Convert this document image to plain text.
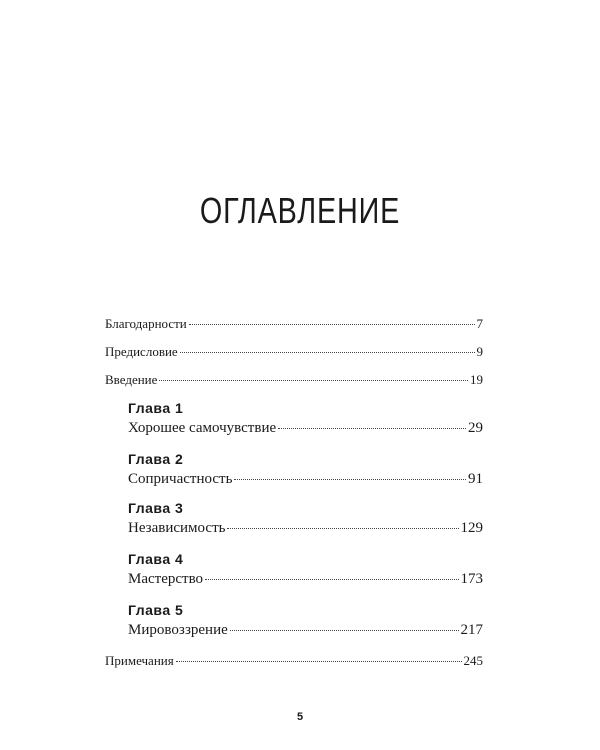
ОГЛАВЛЕНИЕ
Благодарности	7
Предисловие	9
Введение	19
Глава 1
Хорошее самочувствие	29
Глава 2
Сопричастность	91
Глава 3
Независимость	129
Глава 4
Мастерство	173
Глава 5
Мировоззрение	217
Примечания	245
5
